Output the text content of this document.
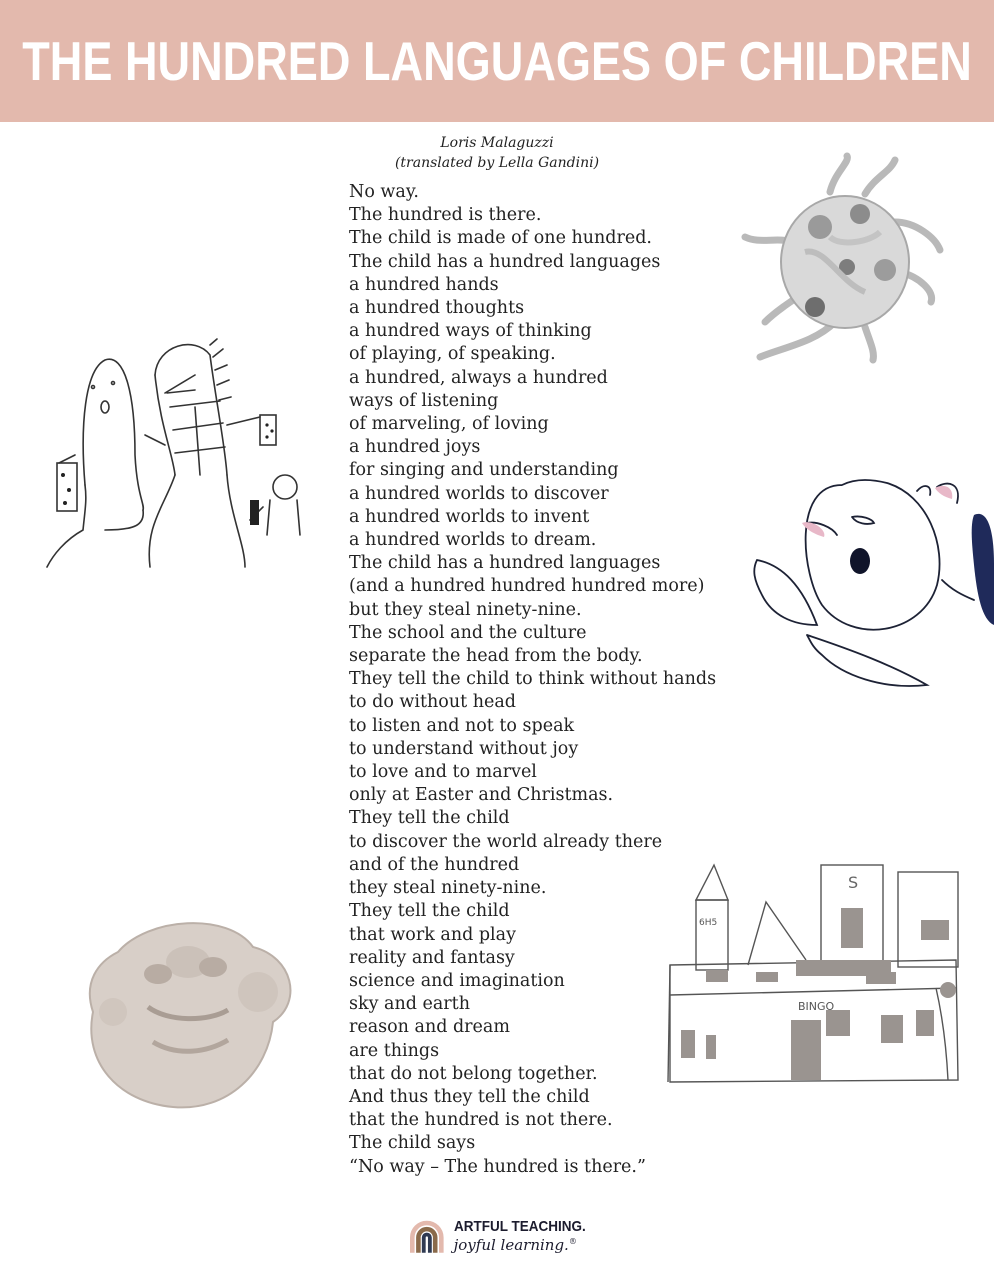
THE HUNDRED LANGUAGES OF CHILDREN
Loris Malaguzzi
(translated by Lella Gandini)
No way.
The hundred is there.
The child is made of one hundred.
The child has a hundred languages
a hundred hands
a hundred thoughts
a hundred ways of thinking
of playing, of speaking.
a hundred, always a hundred
ways of listening
of marveling, of loving
a hundred joys
for singing and understanding
a hundred worlds to discover
a hundred worlds to invent
a hundred worlds to dream.
The child has a hundred languages
(and a hundred hundred hundred more)
but they steal ninety-nine.
The school and the culture
separate the head from the body.
They tell the child to think without hands
to do without head
to listen and not to speak
to understand without joy
to love and to marvel
only at Easter and Christmas.
They tell the child
to discover the world already there
and of the hundred
they steal ninety-nine.
They tell the child
that work and play
reality and fantasy
science and imagination
sky and earth
reason and dream
are things
that do not belong together.
And thus they tell the child
that the hundred is not there.
The child says
“No way – The hundred is there.”
S
BINGO
6H5
ARTFUL TEACHING.
joyful learning.®
